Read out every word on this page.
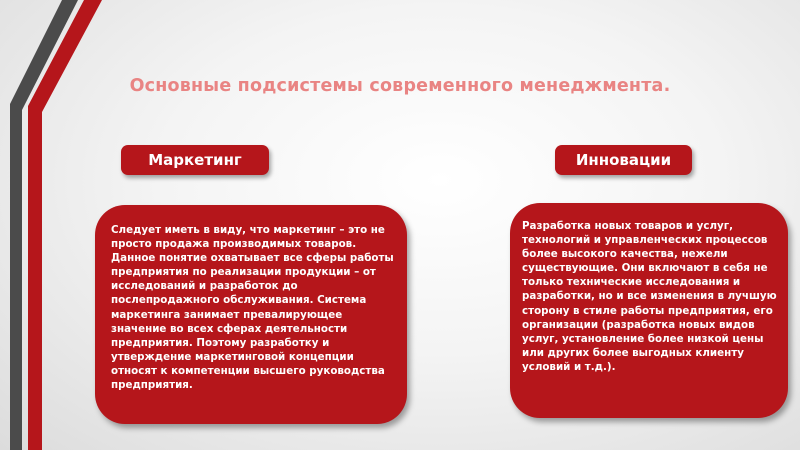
Основные подсистемы современного менеджмента.
Маркетинг	Инновации

Следует иметь в виду, что маркетинг – это не просто продажа производимых товаров. Данное понятие охватывает все сферы работы предприятия по реализации продукции – от исследований и разработок до послепродажного обслуживания. Система маркетинга занимает превалирующее значение во всех сферах деятельности предприятия. Поэтому разработку и утверждение маркетинговой концепции относят к компетенции высшего руководства предприятия.

Разработка новых товаров и услуг, технологий и управленческих процессов более высокого качества, нежели существующие. Они включают в себя не только технические исследования и разработки, но и все изменения в лучшую сторону в стиле работы предприятия, его организации (разработка новых видов услуг, установление более низкой цены или других более выгодных клиенту условий и т.д.).
